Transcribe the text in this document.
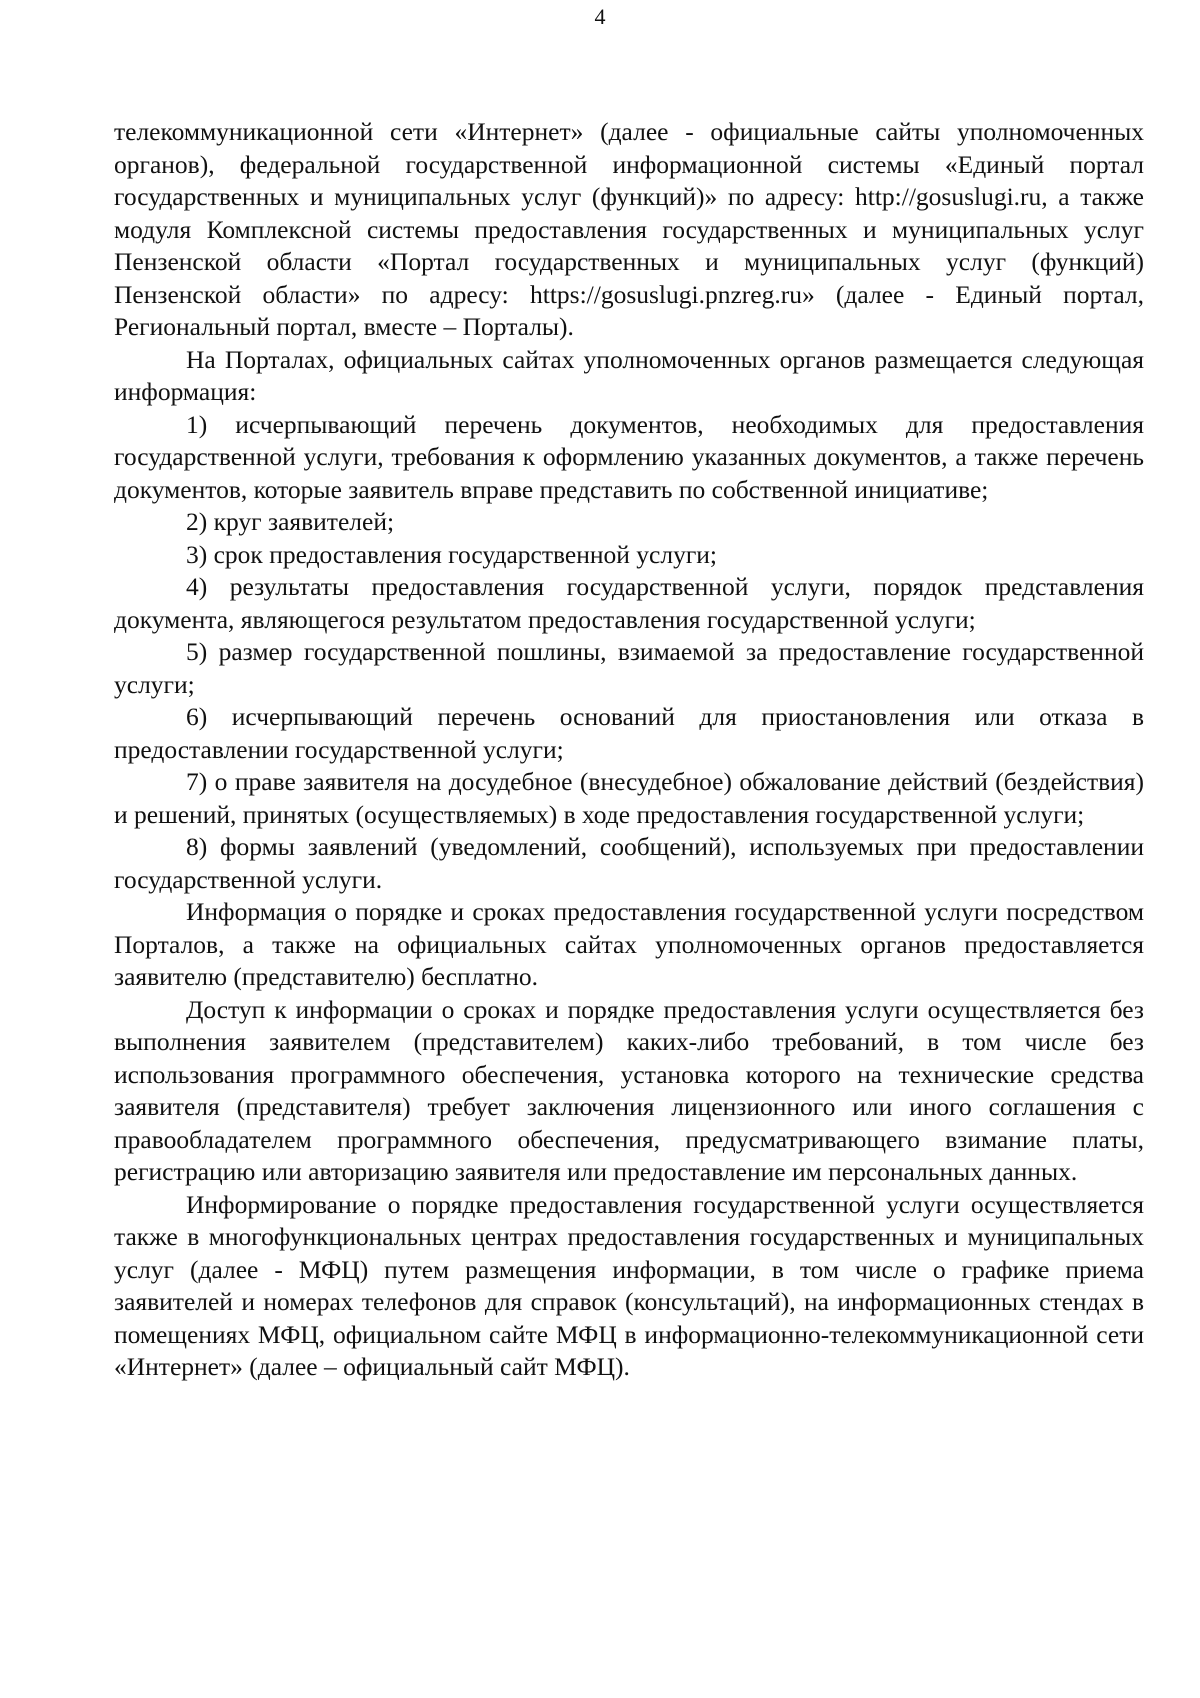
4

телекоммуникационной сети «Интернет» (далее - официальные сайты уполномоченных органов), федеральной государственной информационной системы «Единый портал государственных и муниципальных услуг (функций)» по адресу: http://gosuslugi.ru, а также модуля Комплексной системы предоставления государственных и муниципальных услуг Пензенской области «Портал государственных и муниципальных услуг (функций) Пензенской области» по адресу: https://gosuslugi.pnzreg.ru» (далее - Единый портал, Региональный портал, вместе – Порталы).

На Порталах, официальных сайтах уполномоченных органов размещается следующая информация:

1) исчерпывающий перечень документов, необходимых для предоставления государственной услуги, требования к оформлению указанных документов, а также перечень документов, которые заявитель вправе представить по собственной инициативе;

2) круг заявителей;

3) срок предоставления государственной услуги;

4) результаты предоставления государственной услуги, порядок представления документа, являющегося результатом предоставления государственной услуги;

5) размер государственной пошлины, взимаемой за предоставление государственной услуги;

6) исчерпывающий перечень оснований для приостановления или отказа в предоставлении государственной услуги;

7) о праве заявителя на досудебное (внесудебное) обжалование действий (бездействия) и решений, принятых (осуществляемых) в ходе предоставления государственной услуги;

8) формы заявлений (уведомлений, сообщений), используемых при предоставлении государственной услуги.

Информация о порядке и сроках предоставления государственной услуги посредством Порталов, а также на официальных сайтах уполномоченных органов предоставляется заявителю (представителю) бесплатно.

Доступ к информации о сроках и порядке предоставления услуги осуществляется без выполнения заявителем (представителем) каких-либо требований, в том числе без использования программного обеспечения, установка которого на технические средства заявителя (представителя) требует заключения лицензионного или иного соглашения с правообладателем программного обеспечения, предусматривающего взимание платы, регистрацию или авторизацию заявителя или предоставление им персональных данных.

Информирование о порядке предоставления государственной услуги осуществляется также в многофункциональных центрах предоставления государственных и муниципальных услуг (далее - МФЦ) путем размещения информации, в том числе о графике приема заявителей и номерах телефонов для справок (консультаций), на информационных стендах в помещениях МФЦ, официальном сайте МФЦ в информационно-телекоммуникационной сети «Интернет» (далее – официальный сайт МФЦ).
